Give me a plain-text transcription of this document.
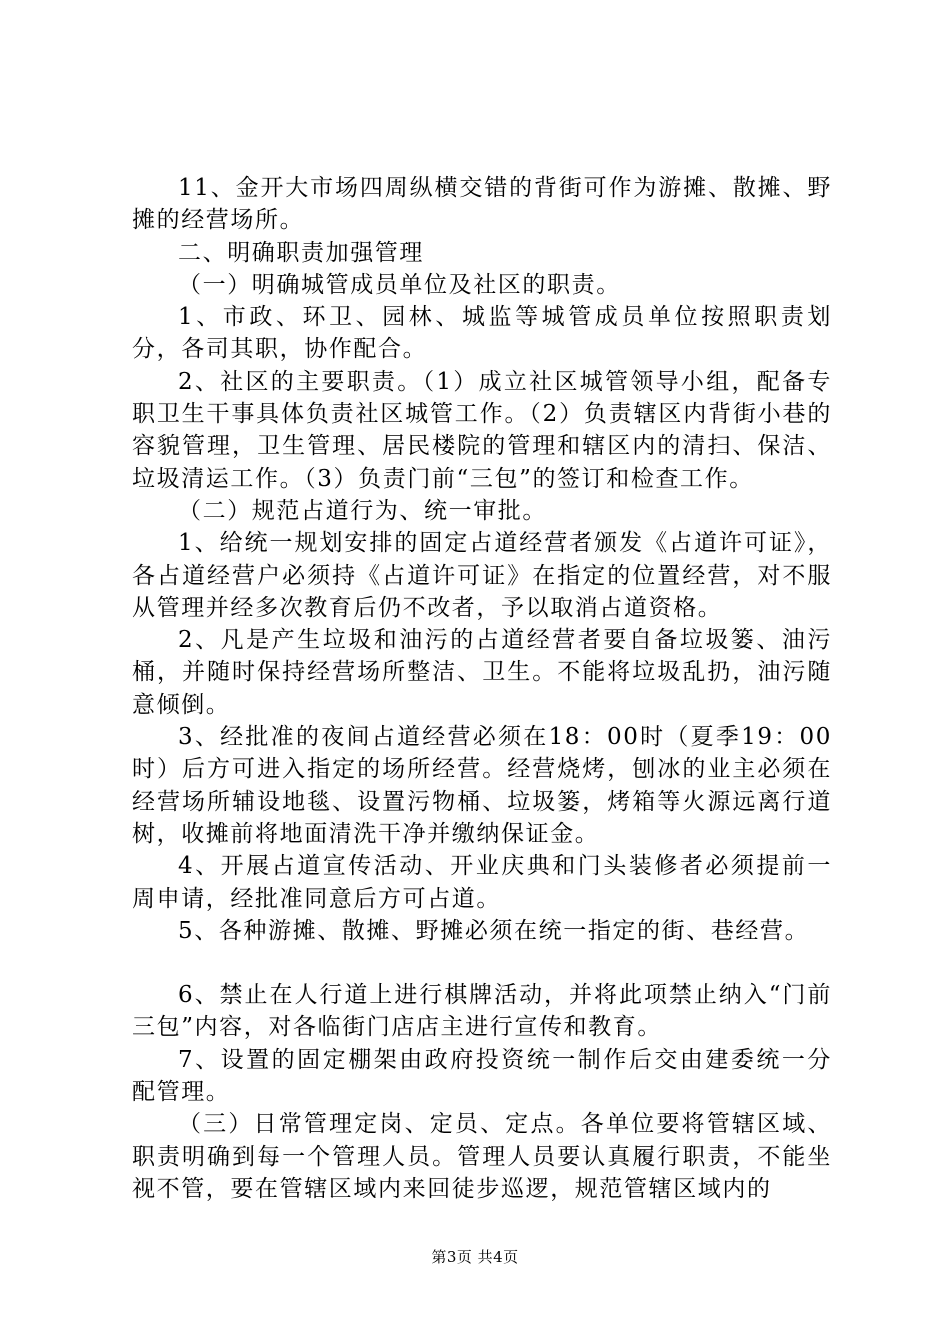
11、金开大市场四周纵横交错的背街可作为游摊、散摊、野摊的经营场所。

二、明确职责加强管理

（一）明确城管成员单位及社区的职责。

1、市政、环卫、园林、城监等城管成员单位按照职责划分，各司其职，协作配合。

2、社区的主要职责。（1）成立社区城管领导小组，配备专职卫生干事具体负责社区城管工作。（2）负责辖区内背街小巷的容貌管理，卫生管理、居民楼院的管理和辖区内的清扫、保洁、垃圾清运工作。（3）负责门前“三包”的签订和检查工作。

（二）规范占道行为、统一审批。

1、给统一规划安排的固定占道经营者颁发《占道许可证》，各占道经营户必须持《占道许可证》在指定的位置经营，对不服从管理并经多次教育后仍不改者，予以取消占道资格。

2、凡是产生垃圾和油污的占道经营者要自备垃圾篓、油污桶，并随时保持经营场所整洁、卫生。不能将垃圾乱扔，油污随意倾倒。

3、经批准的夜间占道经营必须在18：00时（夏季19：00时）后方可进入指定的场所经营。经营烧烤，刨冰的业主必须在经营场所辅设地毯、设置污物桶、垃圾篓，烤箱等火源远离行道树，收摊前将地面清洗干净并缴纳保证金。

4、开展占道宣传活动、开业庆典和门头装修者必须提前一周申请，经批准同意后方可占道。

5、各种游摊、散摊、野摊必须在统一指定的街、巷经营。

6、禁止在人行道上进行棋牌活动，并将此项禁止纳入“门前三包”内容，对各临街门店店主进行宣传和教育。

7、设置的固定棚架由政府投资统一制作后交由建委统一分配管理。

（三）日常管理定岗、定员、定点。各单位要将管辖区域、职责明确到每一个管理人员。管理人员要认真履行职责，不能坐视不管，要在管辖区域内来回徒步巡逻，规范管辖区域内的

第3页 共4页
